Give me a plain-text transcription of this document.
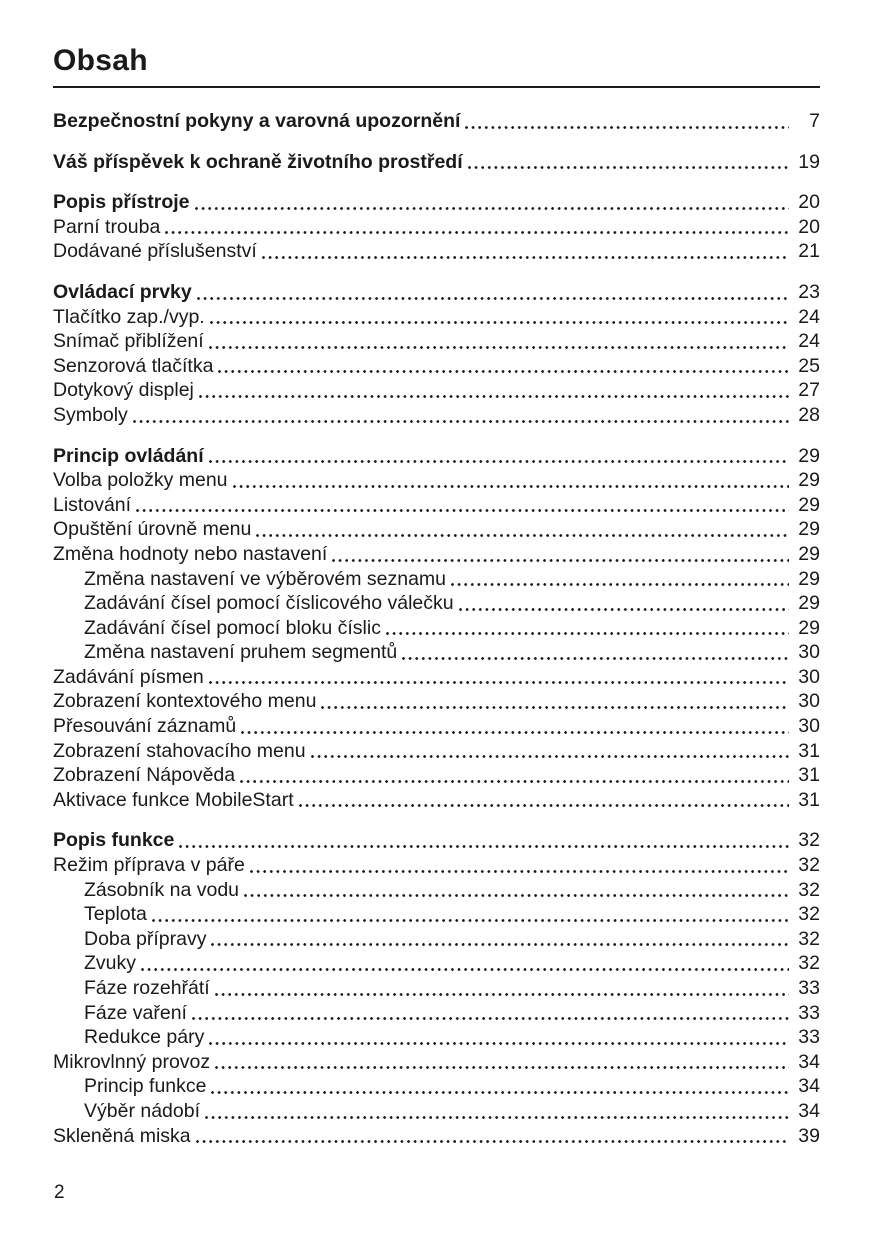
Obsah
Bezpečnostní pokyny a varovná upozornění	7
Váš příspěvek k ochraně životního prostředí	19
Popis přístroje	20
Parní trouba	20
Dodávané příslušenství	21
Ovládací prvky	23
Tlačítko zap./vyp.	24
Snímač přiblížení	24
Senzorová tlačítka	25
Dotykový displej	27
Symboly	28
Princip ovládání	29
Volba položky menu	29
Listování	29
Opuštění úrovně menu	29
Změna hodnoty nebo nastavení	29
Změna nastavení ve výběrovém seznamu	29
Zadávání čísel pomocí číslicového válečku	29
Zadávání čísel pomocí bloku číslic	29
Změna nastavení pruhem segmentů	30
Zadávání písmen	30
Zobrazení kontextového menu	30
Přesouvání záznamů	30
Zobrazení stahovacího menu	31
Zobrazení Nápověda	31
Aktivace funkce MobileStart	31
Popis funkce	32
Režim příprava v páře	32
Zásobník na vodu	32
Teplota	32
Doba přípravy	32
Zvuky	32
Fáze rozehřátí	33
Fáze vaření	33
Redukce páry	33
Mikrovlnný provoz	34
Princip funkce	34
Výběr nádobí	34
Skleněná miska	39
2
